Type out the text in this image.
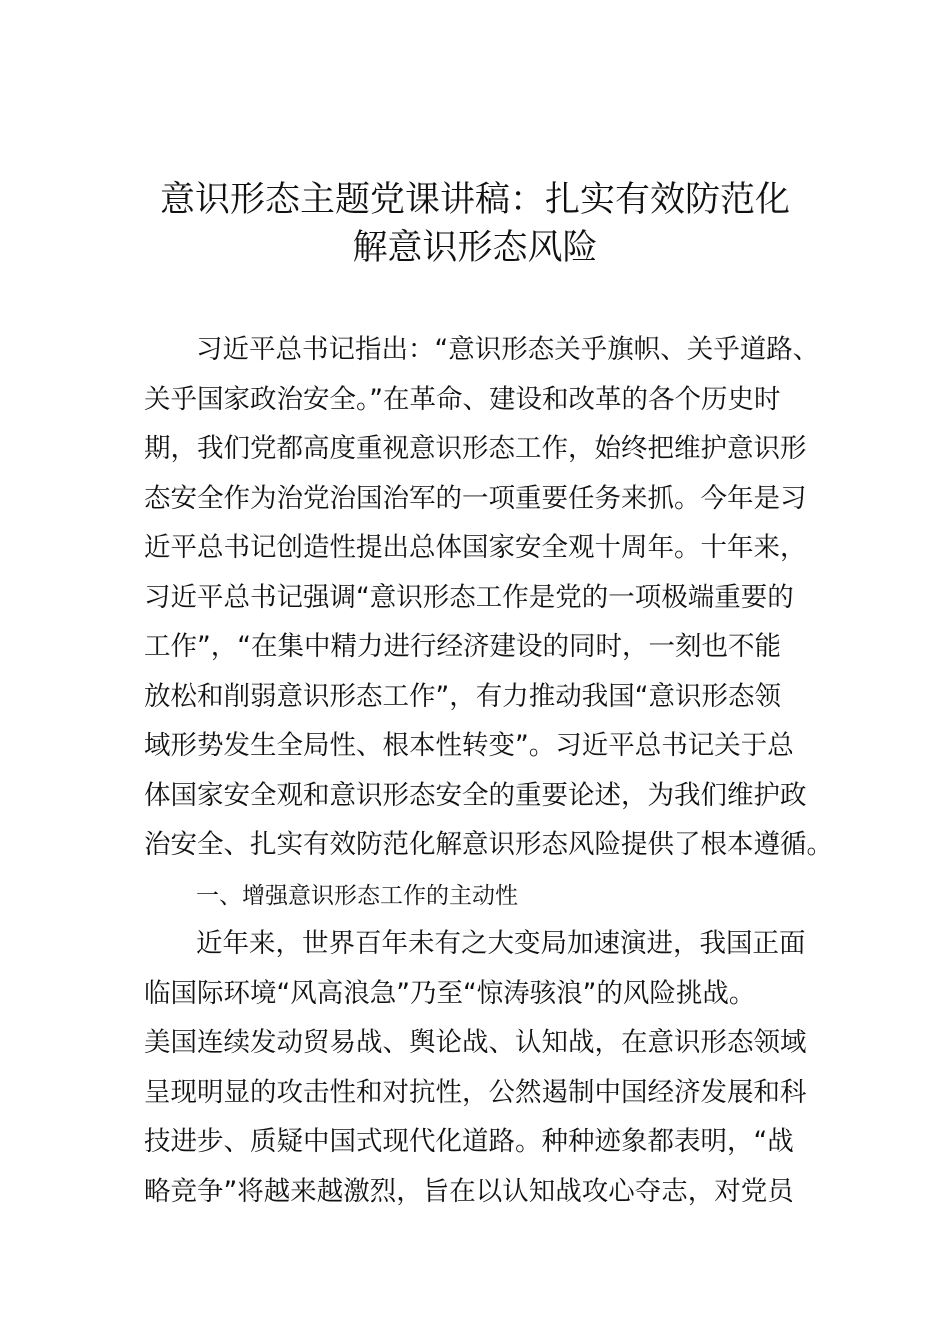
意识形态主题党课讲稿：扎实有效防范化
解意识形态风险
习近平总书记指出：“意识形态关乎旗帜、关乎道路、
关乎国家政治安全。”在革命、建设和改革的各个历史时
期，我们党都高度重视意识形态工作，始终把维护意识形
态安全作为治党治国治军的一项重要任务来抓。今年是习
近平总书记创造性提出总体国家安全观十周年。十年来，
习近平总书记强调“意识形态工作是党的一项极端重要的
工作”，“在集中精力进行经济建设的同时，一刻也不能
放松和削弱意识形态工作”，有力推动我国“意识形态领
域形势发生全局性、根本性转变”。习近平总书记关于总
体国家安全观和意识形态安全的重要论述，为我们维护政
治安全、扎实有效防范化解意识形态风险提供了根本遵循。
一、增强意识形态工作的主动性
近年来，世界百年未有之大变局加速演进，我国正面
临国际环境“风高浪急”乃至“惊涛骇浪”的风险挑战。
美国连续发动贸易战、舆论战、认知战，在意识形态领域
呈现明显的攻击性和对抗性，公然遏制中国经济发展和科
技进步、质疑中国式现代化道路。种种迹象都表明，“战
略竞争”将越来越激烈，旨在以认知战攻心夺志，对党员
